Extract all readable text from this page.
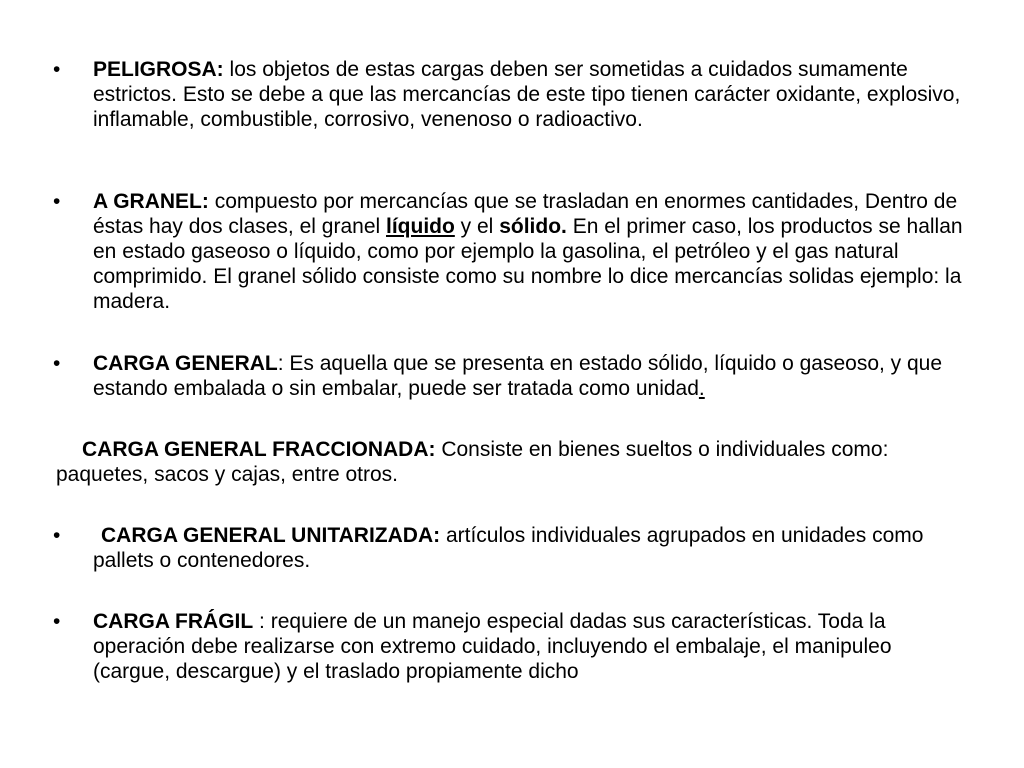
•	PELIGROSA: los objetos de estas cargas deben ser sometidas a cuidados sumamente estrictos. Esto se debe a que las mercancías de este tipo tienen carácter oxidante, explosivo, inflamable, combustible, corrosivo, venenoso o radioactivo.

•	A GRANEL: compuesto por mercancías que se trasladan en enormes cantidades, Dentro de éstas hay dos clases, el granel líquido y el sólido. En el primer caso, los productos se hallan en estado gaseoso o líquido, como por ejemplo la gasolina, el petróleo y el gas natural comprimido. El granel sólido consiste como su nombre lo dice mercancías solidas ejemplo: la madera.

•	CARGA GENERAL: Es aquella que se presenta en estado sólido, líquido o gaseoso, y que estando embalada o sin embalar, puede ser tratada como unidad.

CARGA GENERAL FRACCIONADA: Consiste en bienes sueltos o individuales como: paquetes, sacos y cajas, entre otros.

•	CARGA GENERAL UNITARIZADA: artículos individuales agrupados en unidades como pallets o contenedores.

•	CARGA FRÁGIL : requiere de un manejo especial dadas sus características. Toda la operación debe realizarse con extremo cuidado, incluyendo el embalaje, el manipuleo (cargue, descargue) y el traslado propiamente dicho
